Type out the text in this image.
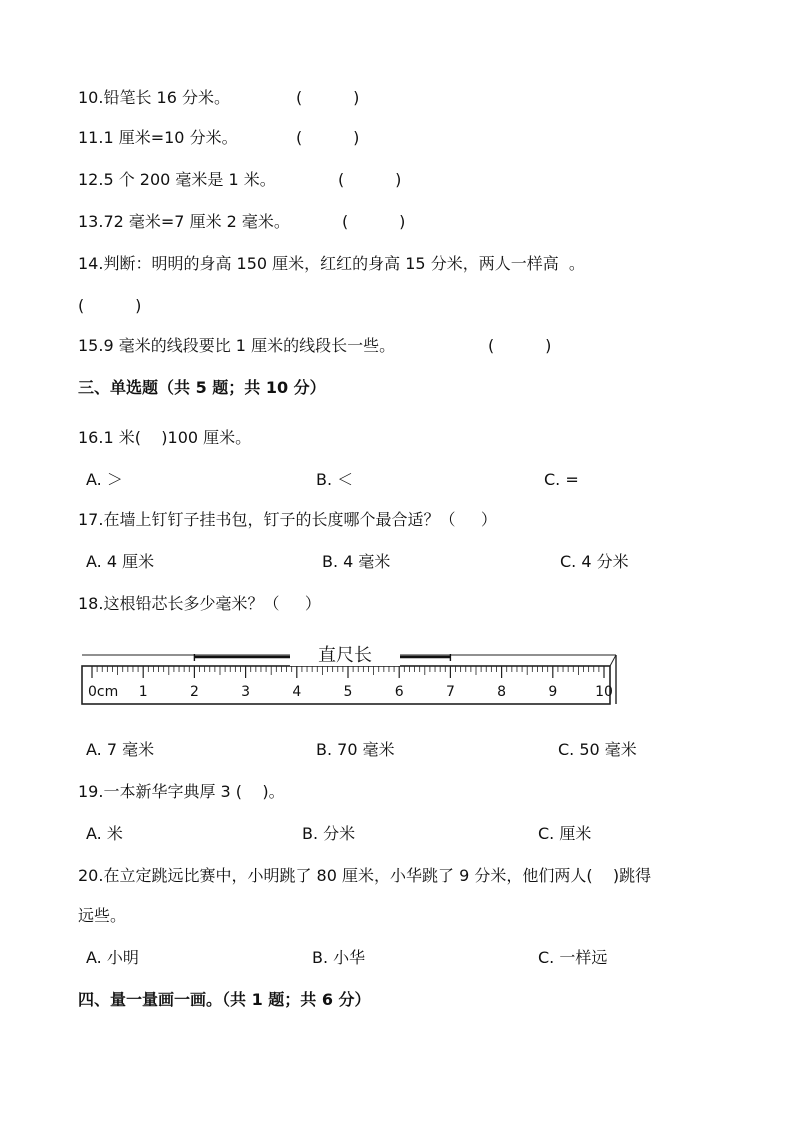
10.铅笔长 16 分米。	(          )
11.1 厘米=10 分米。	(          )
12.5 个 200 毫米是 1 米。	(          )
13.72 毫米=7 厘米 2 毫米。	(          )
14.判断：明明的身高 150 厘米，红红的身高 15 分米，两人一样高  。
(          )
15.9 毫米的线段要比 1 厘米的线段长一些。	(          )
三、单选题（共 5 题；共 10 分）
16.1 米(    )100 厘米。
A. ＞	B. ＜	C. =
17.在墙上钉钉子挂书包，钉子的长度哪个最合适？（     ）
A. 4 厘米	B. 4 毫米	C. 4 分米
18.这根铅芯长多少毫米？（     ）
0cm 1	2	3	4	5	6	7	8	9	10
直尺长
A. 7 毫米	B. 70 毫米	C. 50 毫米
19.一本新华字典厚 3 (    )。
A. 米	B. 分米	C. 厘米
20.在立定跳远比赛中，小明跳了 80 厘米，小华跳了 9 分米，他们两人(    )跳得
远些。
A. 小明	B. 小华	C. 一样远
四、量一量画一画。（共 1 题；共 6 分）
